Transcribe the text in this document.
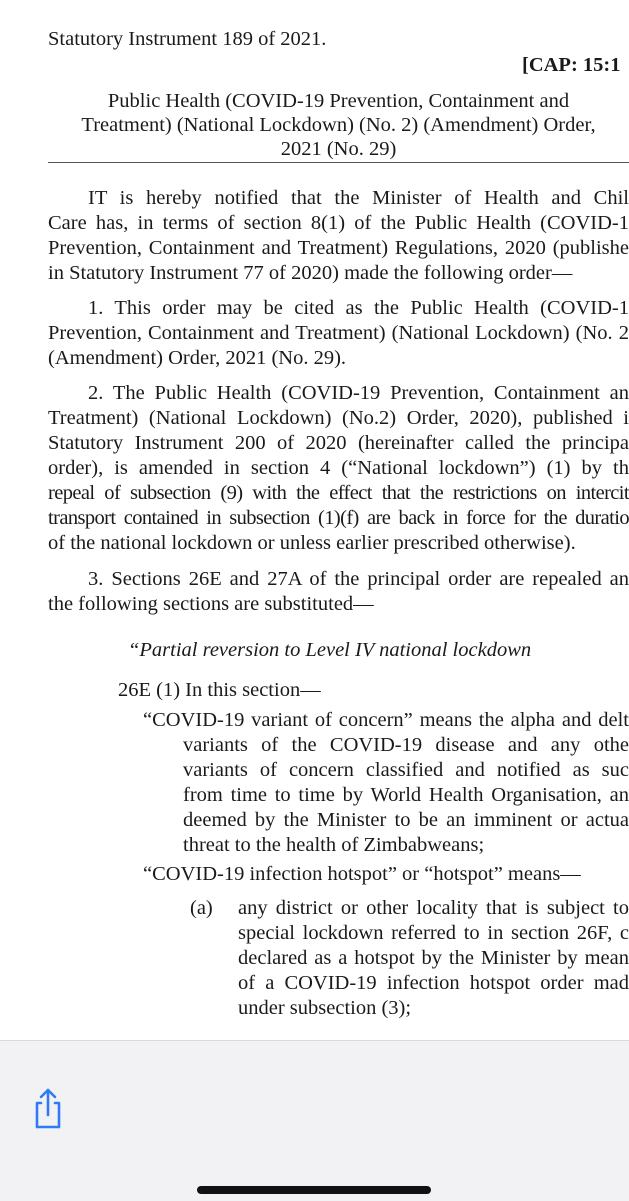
Statutory Instrument 189 of 2021.
[CAP: 15:1
Public Health (COVID-19 Prevention, Containment and
Treatment) (National Lockdown) (No. 2) (Amendment) Order,
2021 (No. 29)
IT is hereby notified that the Minister of Health and Chil
Care has, in terms of section 8(1) of the Public Health (COVID-1
Prevention, Containment and Treatment) Regulations, 2020 (publishe
in Statutory Instrument 77 of 2020) made the following order—
1. This order may be cited as the Public Health (COVID-1
Prevention, Containment and Treatment) (National Lockdown) (No. 2
(Amendment) Order, 2021 (No. 29).
2. The Public Health (COVID-19 Prevention, Containment an
Treatment) (National Lockdown) (No.2) Order, 2020), published i
Statutory Instrument 200 of 2020 (hereinafter called the principa
order), is amended in section 4 (“National lockdown”) (1) by th
repeal of subsection (9) with the effect that the restrictions on intercit
transport contained in subsection (1)(f) are back in force for the duratio
of the national lockdown or unless earlier prescribed otherwise).
3. Sections 26E and 27A of the principal order are repealed an
the following sections are substituted—
“Partial reversion to Level IV national lockdown
26E (1) In this section—
“COVID-19 variant of concern” means the alpha and delt
variants of the COVID-19 disease and any othe
variants of concern classified and notified as suc
from time to time by World Health Organisation, an
deemed by the Minister to be an imminent or actua
threat to the health of Zimbabweans;
“COVID-19 infection hotspot” or “hotspot” means—
(a) any district or other locality that is subject to
special lockdown referred to in section 26F, c
declared as a hotspot by the Minister by mean
of a COVID-19 infection hotspot order mad
under subsection (3);
